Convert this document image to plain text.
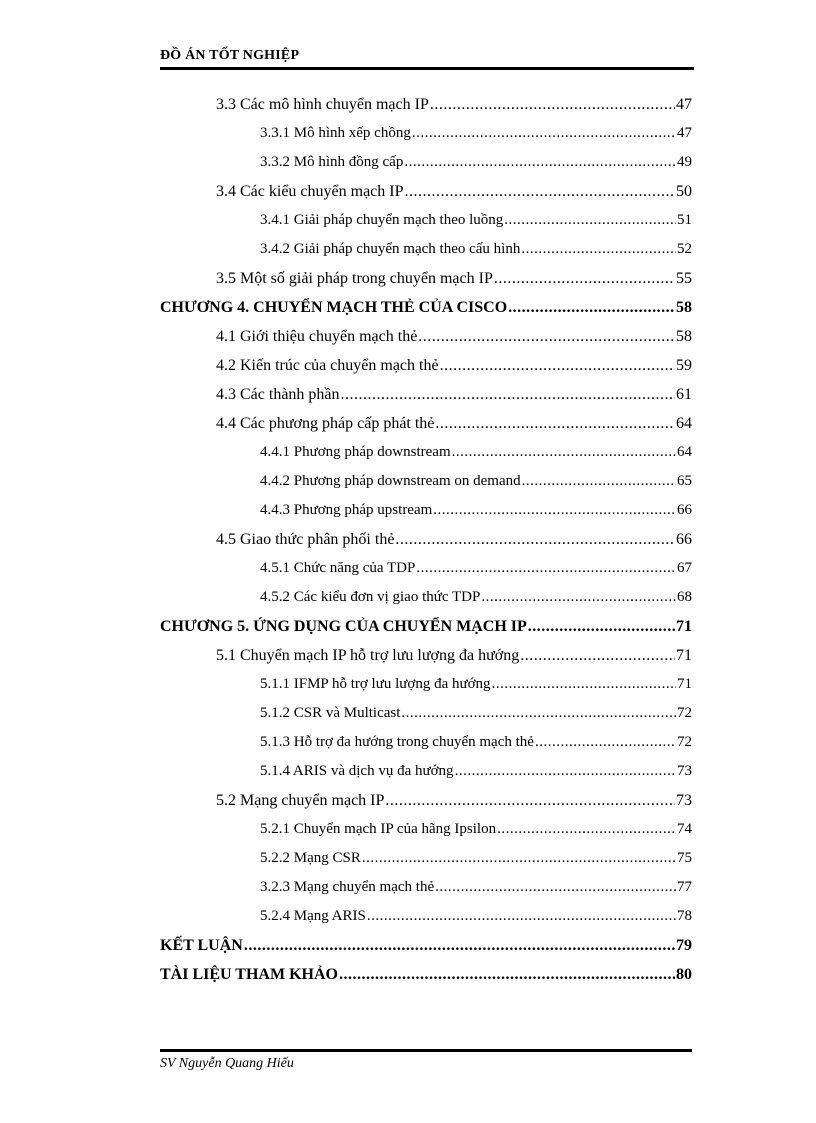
ĐỒ ÁN TỐT NGHIỆP
3.3 Các mô hình chuyển mạch IP .....	47
3.3.1 Mô hình xếp chồng .....	47
3.3.2 Mô hình đồng cấp .....	49
3.4 Các kiểu chuyển mạch IP .....	50
3.4.1 Giải pháp chuyển mạch theo luồng .....	51
3.4.2 Giải pháp chuyển mạch theo cấu hình .....	52
3.5 Một số giải pháp trong chuyển mạch IP .....	55
CHƯƠNG 4. CHUYỂN MẠCH THẺ CỦA CISCO .....	58
4.1 Giới thiệu chuyển mạch thẻ .....	58
4.2 Kiến trúc của chuyển mạch thẻ .....	59
4.3 Các thành phần .....	61
4.4 Các phương pháp cấp phát thẻ .....	64
4.4.1 Phương pháp downstream .....	64
4.4.2 Phương pháp downstream on demand .....	65
4.4.3 Phương pháp upstream .....	66
4.5 Giao thức phân phối thẻ .....	66
4.5.1 Chức năng của TDP .....	67
4.5.2 Các kiểu đơn vị giao thức TDP .....	68
CHƯƠNG 5. ỨNG DỤNG CỦA CHUYỂN MẠCH IP .....	71
5.1 Chuyển mạch IP hỗ trợ lưu lượng đa hướng .....	71
5.1.1 IFMP hỗ trợ lưu lượng đa hướng .....	71
5.1.2 CSR và Multicast .....	72
5.1.3 Hỗ trợ đa hướng trong chuyển mạch thẻ .....	72
5.1.4 ARIS và dịch vụ đa hướng .....	73
5.2 Mạng chuyển mạch IP .....	73
5.2.1 Chuyển mạch IP của hãng Ipsilon .....	74
5.2.2 Mạng CSR .....	75
3.2.3 Mạng chuyển mạch thẻ .....	77
5.2.4 Mạng ARIS .....	78
KẾT LUẬN .....	79
TÀI LIỆU THAM KHẢO .....	80
SV Nguyễn Quang Hiếu
